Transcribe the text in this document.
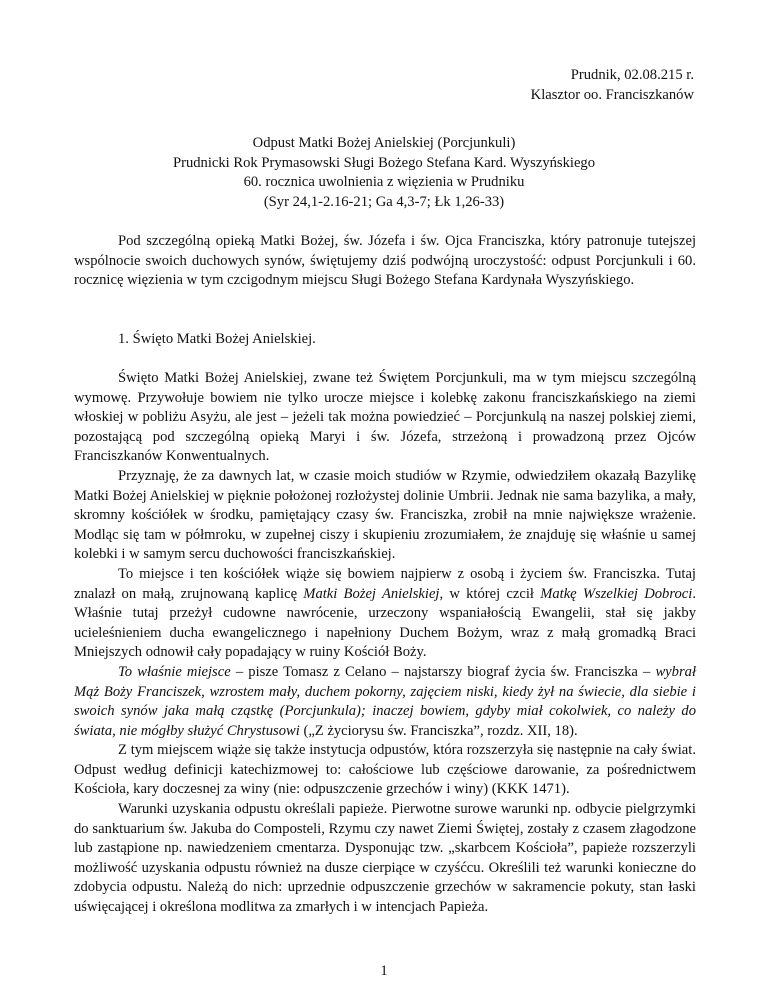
Prudnik, 02.08.215 r.
Klasztor oo. Franciszkanów
Odpust Matki Bożej Anielskiej (Porcjunkuli)
Prudnicki Rok Prymasowski Sługi Bożego Stefana Kard. Wyszyńskiego
60. rocznica uwolnienia z więzienia w Prudniku
(Syr 24,1-2.16-21; Ga 4,3-7; Łk 1,26-33)

Pod szczególną opieką Matki Bożej, św. Józefa i św. Ojca Franciszka, który patronuje tutejszej wspólnocie swoich duchowych synów, świętujemy dziś podwójną uroczystość: odpust Porcjunkuli i 60. rocznicę więzienia w tym czcigodnym miejscu Sługi Bożego Stefana Kardynała Wyszyńskiego.

1. Święto Matki Bożej Anielskiej.

Święto Matki Bożej Anielskiej, zwane też Świętem Porcjunkuli, ma w tym miejscu szczególną wymowę. Przywołuje bowiem nie tylko urocze miejsce i kolebkę zakonu franciszkańskiego na ziemi włoskiej w pobliżu Asyżu, ale jest – jeżeli tak można powiedzieć – Porcjunkulą na naszej polskiej ziemi, pozostającą pod szczególną opieką Maryi i św. Józefa, strzeżoną i prowadzoną przez Ojców Franciszkanów Konwentualnych.

Przyznaję, że za dawnych lat, w czasie moich studiów w Rzymie, odwiedziłem okazałą Bazylikę Matki Bożej Anielskiej w pięknie położonej rozłożystej dolinie Umbrii. Jednak nie sama bazylika, a mały, skromny kościółek w środku, pamiętający czasy św. Franciszka, zrobił na mnie największe wrażenie. Modląc się tam w półmroku, w zupełnej ciszy i skupieniu zrozumiałem, że znajduję się właśnie u samej kolebki i w samym sercu duchowości franciszkańskiej.

To miejsce i ten kościółek wiąże się bowiem najpierw z osobą i życiem św. Franciszka. Tutaj znalazł on małą, zrujnowaną kaplicę Matki Bożej Anielskiej, w której czcił Matkę Wszelkiej Dobroci. Właśnie tutaj przeżył cudowne nawrócenie, urzeczony wspaniałością Ewangelii, stał się jakby ucieleśnieniem ducha ewangelicznego i napełniony Duchem Bożym, wraz z małą gromadką Braci Mniejszych odnowił cały popadający w ruiny Kościół Boży.

To właśnie miejsce – pisze Tomasz z Celano – najstarszy biograf życia św. Franciszka – wybrał Mąż Boży Franciszek, wzrostem mały, duchem pokorny, zajęciem niski, kiedy żył na świecie, dla siebie i swoich synów jaka małą cząstkę (Porcjunkula); inaczej bowiem, gdyby miał cokolwiek, co należy do świata, nie mógłby służyć Chrystusowi („Z życiorysu św. Franciszka”, rozdz. XII, 18).

Z tym miejscem wiąże się także instytucja odpustów, która rozszerzyła się następnie na cały świat. Odpust według definicji katechizmowej to: całościowe lub częściowe darowanie, za pośrednictwem Kościoła, kary doczesnej za winy (nie: odpuszczenie grzechów i winy) (KKK 1471).

Warunki uzyskania odpustu określali papieże. Pierwotne surowe warunki np. odbycie pielgrzymki do sanktuarium św. Jakuba do Composteli, Rzymu czy nawet Ziemi Świętej, zostały z czasem złagodzone lub zastąpione np. nawiedzeniem cmentarza. Dysponując tzw. „skarbcem Kościoła”, papieże rozszerzyli możliwość uzyskania odpustu również na dusze cierpiące w czyśćcu. Określili też warunki konieczne do zdobycia odpustu. Należą do nich: uprzednie odpuszczenie grzechów w sakramencie pokuty, stan łaski uświęcającej i określona modlitwa za zmarłych i w intencjach Papieża.

1
